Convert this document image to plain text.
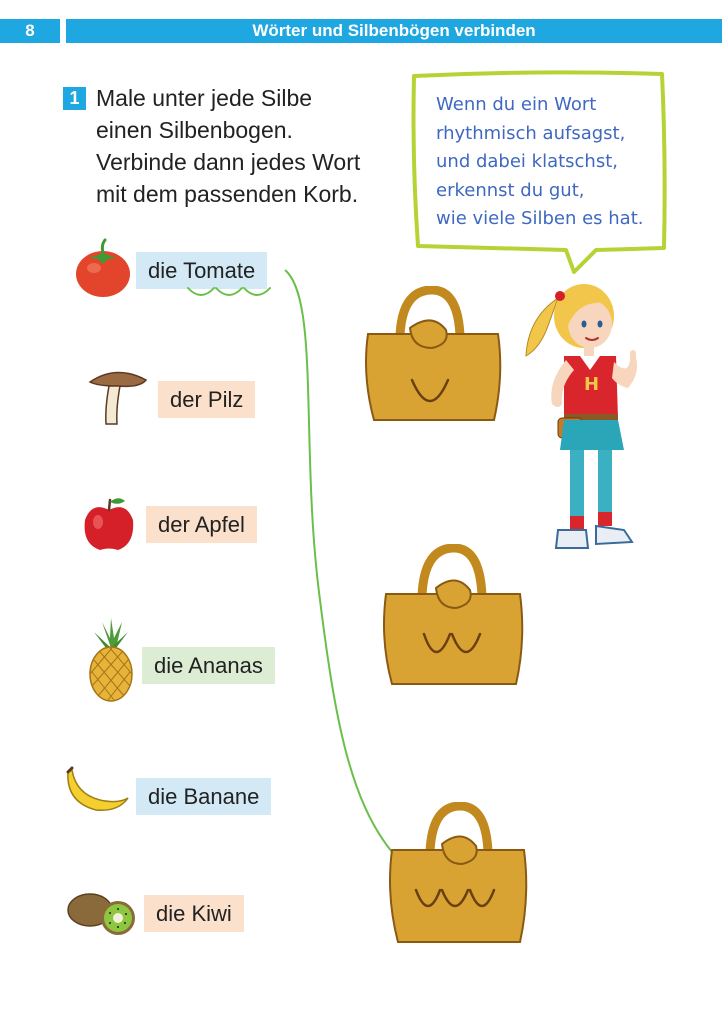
8	Wörter und Silbenbögen verbinden
1 Male unter jede Silbe
einen Silbenbogen.
Verbinde dann jedes Wort
mit dem passenden Korb.
Wenn du ein Wort
rhythmisch aufsagst,
und dabei klatschst,
erkennst du gut,
wie viele Silben es hat.
die Tomate
der Pilz
der Apfel
die Ananas
die Banane
die Kiwi
H
